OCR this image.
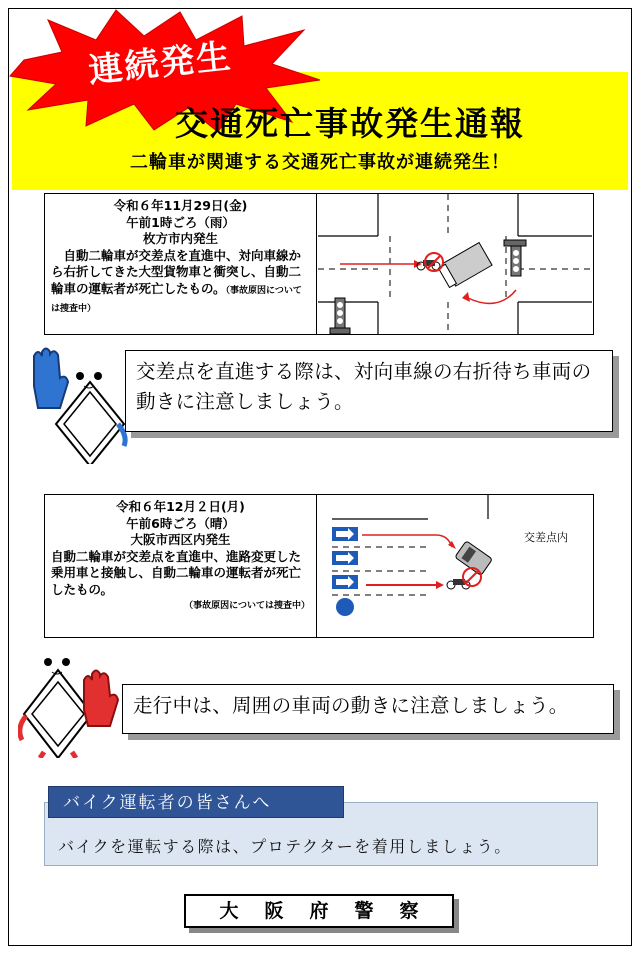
連続発生
交通死亡事故発生通報
二輪車が関連する交通死亡事故が連続発生！
令和６年11月29日(金)
午前1時ごろ（雨）
枚方市内発生
　自動二輪車が交差点を直進中、対向車線から右折してきた大型貨物車と衝突し、自動二輪車の運転者が死亡したもの。（事故原因については捜査中）
交差点を直進する際は、対向車線の右折待ち車両の動きに注意しましょう。
令和６年12月２日(月)
午前6時ごろ（晴）
大阪市西区内発生
自動二輪車が交差点を直進中、進路変更した乗用車と接触し、自動二輪車の運転者が死亡したもの。
（事故原因については捜査中）
交差点内
走行中は、周囲の車両の動きに注意しましょう。
バイク運転者の皆さんへ
バイクを運転する際は、プロテクターを着用しましょう。
大阪府警察
